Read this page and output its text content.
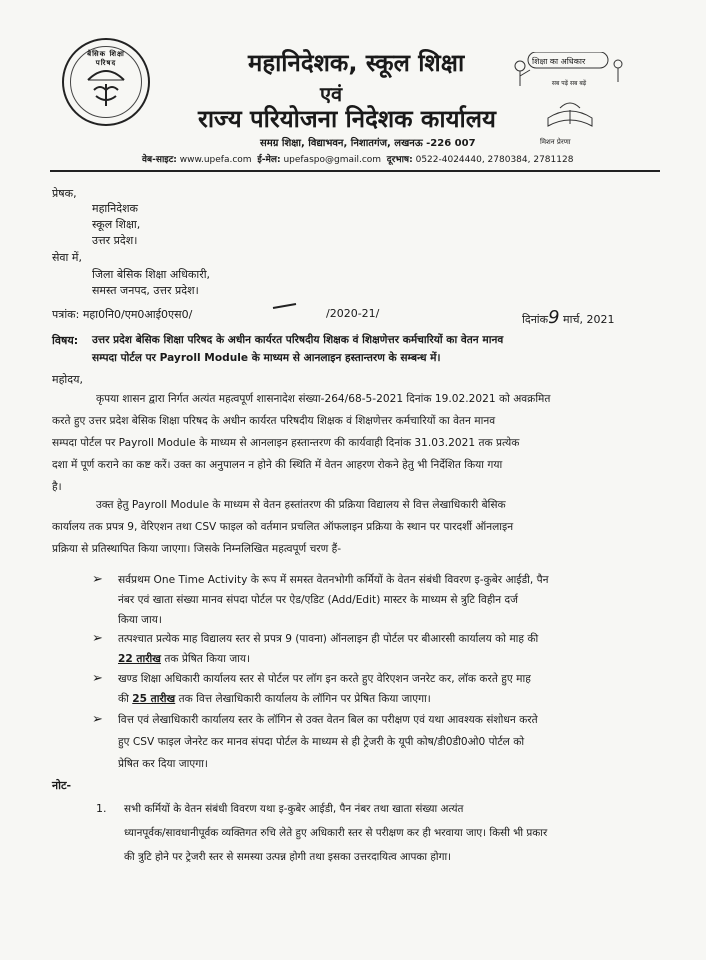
बेसिक शिक्षा परिषद	महानिदेशक, स्कूल शिक्षा
एवं
राज्य परियोजना निदेशक कार्यालय
समग्र शिक्षा, विद्याभवन, निशातगंज, लखनऊ -226 007
वेब-साइट: www.upefa.com ई-मेल: upefaspo@gmail.com दूरभाष: 0522-4024440, 2780384, 2781128
शिक्षा का अधिकार
सब पढ़ें सब बढ़ें
मिशन प्रेरणा
प्रेषक,
महानिदेशक
स्कूल शिक्षा,
उत्तर प्रदेश।
सेवा में,
जिला बेसिक शिक्षा अधिकारी,
समस्त जनपद, उत्तर प्रदेश।
पत्रांक: महा0नि0/एम0आई0एस0/	/2020-21/	दिनांक9 मार्च, 2021
विषय: उत्तर प्रदेश बेसिक शिक्षा परिषद के अधीन कार्यरत परिषदीय शिक्षक वं शिक्षणेत्तर कर्मचारियों का वेतन मानव
सम्पदा पोर्टल पर Payroll Module के माध्यम से आनलाइन हस्तान्तरण के सम्बन्ध में।
महोदय,
कृपया शासन द्वारा निर्गत अत्यंत महत्वपूर्ण शासनादेश संख्या-264/68-5-2021 दिनांक 19.02.2021 को अवक्रमित
करते हुए उत्तर प्रदेश बेसिक शिक्षा परिषद के अधीन कार्यरत परिषदीय शिक्षक वं शिक्षणेत्तर कर्मचारियों का वेतन मानव
सम्पदा पोर्टल पर Payroll Module के माध्यम से आनलाइन हस्तान्तरण की कार्यवाही दिनांक 31.03.2021 तक प्रत्येक
दशा में पूर्ण कराने का कष्ट करें। उक्त का अनुपालन न होने की स्थिति में वेतन आहरण रोकने हेतु भी निर्देशित किया गया
है।
उक्त हेतु Payroll Module के माध्यम से वेतन हस्तांतरण की प्रक्रिया विद्यालय से वित्त लेखाधिकारी बेसिक
कार्यालय तक प्रपत्र 9, वेरिएशन तथा CSV फाइल को वर्तमान प्रचलित ऑफलाइन प्रक्रिया के स्थान पर पारदर्शी ऑनलाइन
प्रक्रिया से प्रतिस्थापित किया जाएगा। जिसके निम्नलिखित महत्वपूर्ण चरण हैं-
➢ सर्वप्रथम One Time Activity के रूप में समस्त वेतनभोगी कर्मियों के वेतन संबंधी विवरण इ-कुबेर आईडी, पैन
नंबर एवं खाता संख्या मानव संपदा पोर्टल पर ऐड/एडिट (Add/Edit) मास्टर के माध्यम से त्रुटि विहीन दर्ज
किया जाय।
➢ तत्पश्चात प्रत्येक माह विद्यालय स्तर से प्रपत्र 9 (पावना) ऑनलाइन ही पोर्टल पर बीआरसी कार्यालय को माह की
22 तारीख तक प्रेषित किया जाय।
➢ खण्ड शिक्षा अधिकारी कार्यालय स्तर से पोर्टल पर लॉग इन करते हुए वेरिएशन जनरेट कर, लॉक करते हुए माह
की 25 तारीख तक वित्त लेखाधिकारी कार्यालय के लॉगिन पर प्रेषित किया जाएगा।
➢ वित्त एवं लेखाधिकारी कार्यालय स्तर के लॉगिन से उक्त वेतन बिल का परीक्षण एवं यथा आवश्यक संशोधन करते
हुए CSV फाइल जेनरेट कर मानव संपदा पोर्टल के माध्यम से ही ट्रेजरी के यूपी कोष/डी0डी0ओ0 पोर्टल को
प्रेषित कर दिया जाएगा।
नोट-
1. सभी कर्मियों के वेतन संबंधी विवरण यथा इ-कुबेर आईडी, पैन नंबर तथा खाता संख्या अत्यंत
ध्यानपूर्वक/सावधानीपूर्वक व्यक्तिगत रुचि लेते हुए अधिकारी स्तर से परीक्षण कर ही भरवाया जाए। किसी भी प्रकार
की त्रुटि होने पर ट्रेजरी स्तर से समस्या उत्पन्न होगी तथा इसका उत्तरदायित्व आपका होगा।
